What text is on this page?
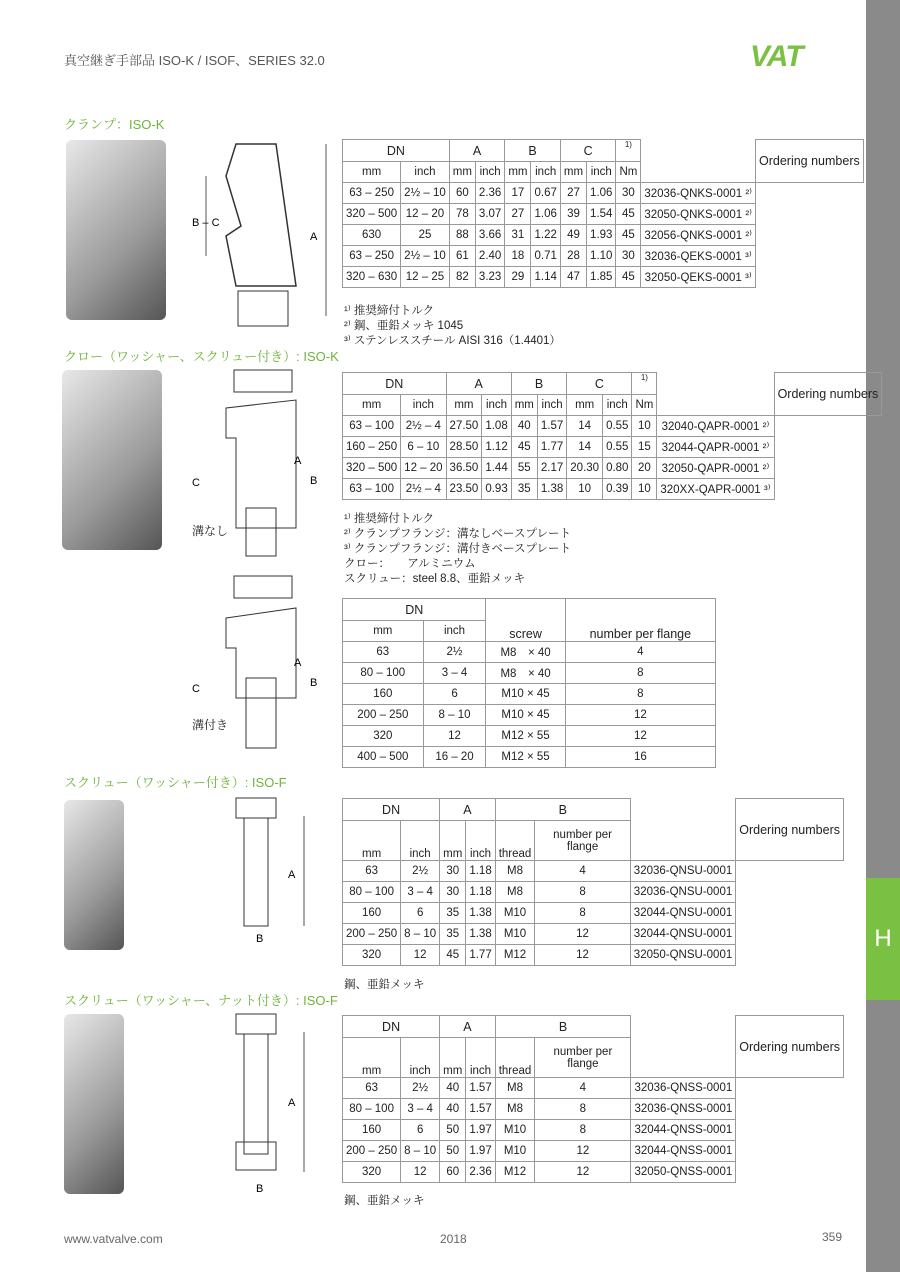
真空継ぎ手部品 ISO-K / ISOF、SERIES 32.0	VAT
H
クランプ：ISO-K
A
B – C
DN		A		B		C		1)		Ordering numbers
mm	inch	mm	inch	mm	inch	mm	inch	Nm		
63 – 250	2½ – 10	60	2.36	17	0.67	27	1.06	30	32036-QNKS-0001 ²⁾	
320 – 500	12 – 20	78	3.07	27	1.06	39	1.54	45	32050-QNKS-0001 ²⁾	
630	25	88	3.66	31	1.22	49	1.93	45	32056-QNKS-0001 ²⁾	
63 – 250	2½ – 10	61	2.40	18	0.71	28	1.10	30	32036-QEKS-0001 ³⁾	
320 – 630	12 – 25	82	3.23	29	1.14	47	1.85	45	32050-QEKS-0001 ³⁾	
¹⁾ 推奨締付トルク
²⁾ 鋼、亜鉛メッキ 1045
³⁾ ステンレススチール AISI 316（1.4401）
クロー（ワッシャー、スクリュー付き）: ISO-K
C
A
B
C
A
B
溝なし
溝付き
DN		A		B		C		1)		Ordering numbers
mm	inch	mm	inch	mm	inch	mm	inch	Nm		
63 – 100	2½ – 4	27.50	1.08	40	1.57	14	0.55	10	32040-QAPR-0001 ²⁾	
160 – 250	6 – 10	28.50	1.12	45	1.77	14	0.55	15	32044-QAPR-0001 ²⁾	
320 – 500	12 – 20	36.50	1.44	55	2.17	20.30	0.80	20	32050-QAPR-0001 ²⁾	
63 – 100	2½ – 4	23.50	0.93	35	1.38	10	0.39	10	320XX-QAPR-0001 ³⁾	
¹⁾ 推奨締付トルク
²⁾ クランプフランジ：溝なしベースプレート
³⁾ クランプフランジ：溝付きベースプレート
クロー：　　アルミニウム
スクリュー：steel 8.8、亜鉛メッキ
DN		screw	number per flange
mm	inch		
63	2½	M8　× 40	4
80 – 100	3 – 4	M8　× 40	8
160	6	M10 × 45	8
200 – 250	8 – 10	M10 × 45	12
320	12	M12 × 55	12
400 – 500	16 – 20	M12 × 55	16
スクリュー（ワッシャー付き）: ISO-F
A
B
DN		A		B			Ordering numbers
mm	inch	mm	inch	thread	number per flange		
63	2½	30	1.18	M8	4	32036-QNSU-0001	
80 – 100	3 – 4	30	1.18	M8	8	32036-QNSU-0001	
160	6	35	1.38	M10	8	32044-QNSU-0001	
200 – 250	8 – 10	35	1.38	M10	12	32044-QNSU-0001	
320	12	45	1.77	M12	12	32050-QNSU-0001	
鋼、亜鉛メッキ
スクリュー（ワッシャー、ナット付き）: ISO-F
A
B
DN		A		B			Ordering numbers
mm	inch	mm	inch	thread	number per flange		
63	2½	40	1.57	M8	4	32036-QNSS-0001	
80 – 100	3 – 4	40	1.57	M8	8	32036-QNSS-0001	
160	6	50	1.97	M10	8	32044-QNSS-0001	
200 – 250	8 – 10	50	1.97	M10	12	32044-QNSS-0001	
320	12	60	2.36	M12	12	32050-QNSS-0001	
鋼、亜鉛メッキ
www.vatvalve.com	2018	359
